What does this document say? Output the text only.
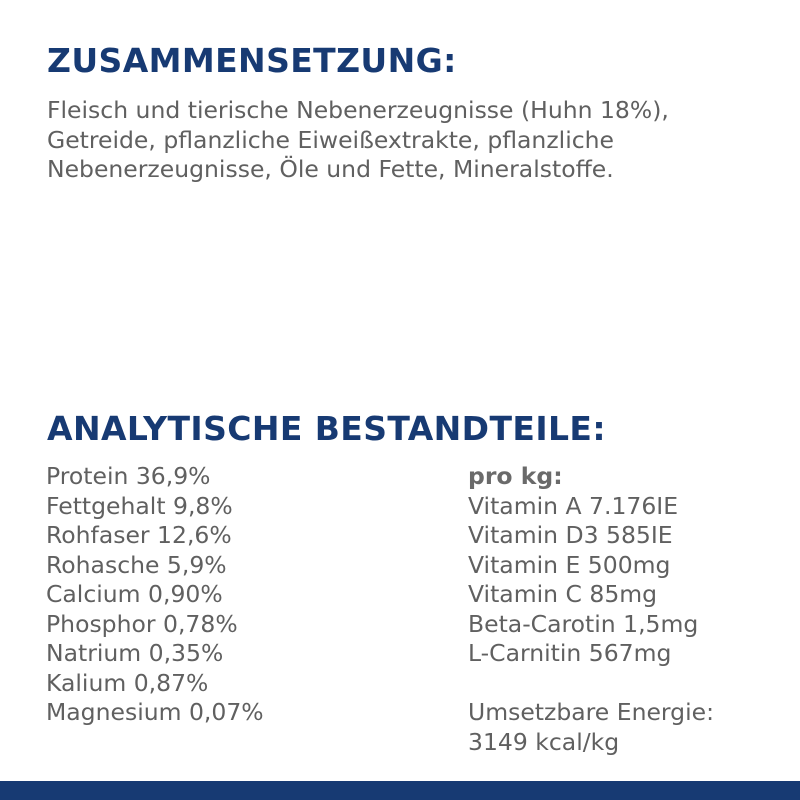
ZUSAMMENSETZUNG:

Fleisch und tierische Nebenerzeugnisse (Huhn 18%),
Getreide, pflanzliche Eiweißextrakte, pflanzliche
Nebenerzeugnisse, Öle und Fette, Mineralstoffe.

ANALYTISCHE BESTANDTEILE:
Protein 36,9%
Fettgehalt 9,8%
Rohfaser 12,6%
Rohasche 5,9%
Calcium 0,90%
Phosphor 0,78%
Natrium 0,35%
Kalium 0,87%
Magnesium 0,07%
pro kg:
Vitamin A 7.176IE
Vitamin D3 585IE
Vitamin E 500mg
Vitamin C 85mg
Beta-Carotin 1,5mg
L-Carnitin 567mg

Umsetzbare Energie:
3149 kcal/kg
